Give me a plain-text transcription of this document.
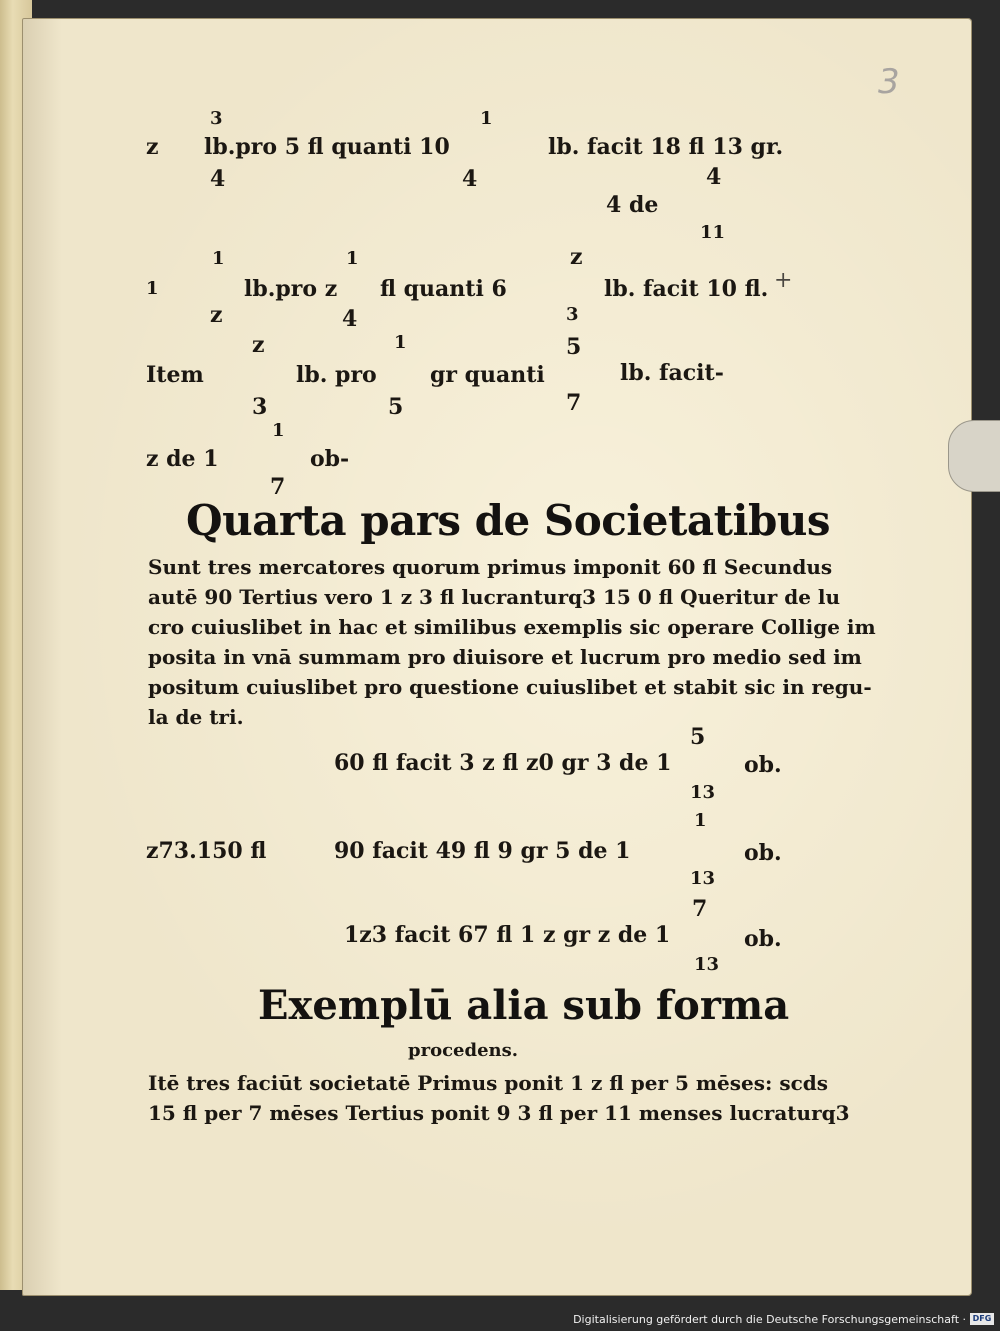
3
3	1
z lb.pro 5 fl quanti 10	lb. facit 18 fl 13 gr.
4	4	4
4 de
11
1	1	z
1	lb.pro z fl quanti 6	lb. facit 10 fl. +
z	4	3
z	1	5
Item	lb. pro gr quanti	lb. facit-
3	5	7
1
z de 1	ob-
7
Quarta pars de Societatibus
Sunt tres mercatores quorum primus imponit 60 fl Secundus
autē 90 Tertius vero 1 z 3 fl lucranturq3 15 0 fl Queritur de lu
cro cuiuslibet in hac et similibus exemplis sic operare Collige im
posita in vnā summam pro diuisore et lucrum pro medio sed im
positum cuiuslibet pro questione cuiuslibet et stabit sic in regu-
la de tri.
5
60 fl facit 3 z fl z0 gr 3 de 1	ob.
13
1
z73.150 fl	90 facit 49 fl 9 gr 5 de 1	ob.
13
7
1z3 facit 67 fl 1 z gr z de 1	ob.
13
Exemplū alia sub forma
procedens.
Itē tres faciūt societatē Primus ponit 1 z fl per 5 mēses: scds
15 fl per 7 mēses Tertius ponit 9 3 fl per 11 menses lucraturq3
Digitalisierung gefördert durch die Deutsche Forschungsgemeinschaft · DFG
